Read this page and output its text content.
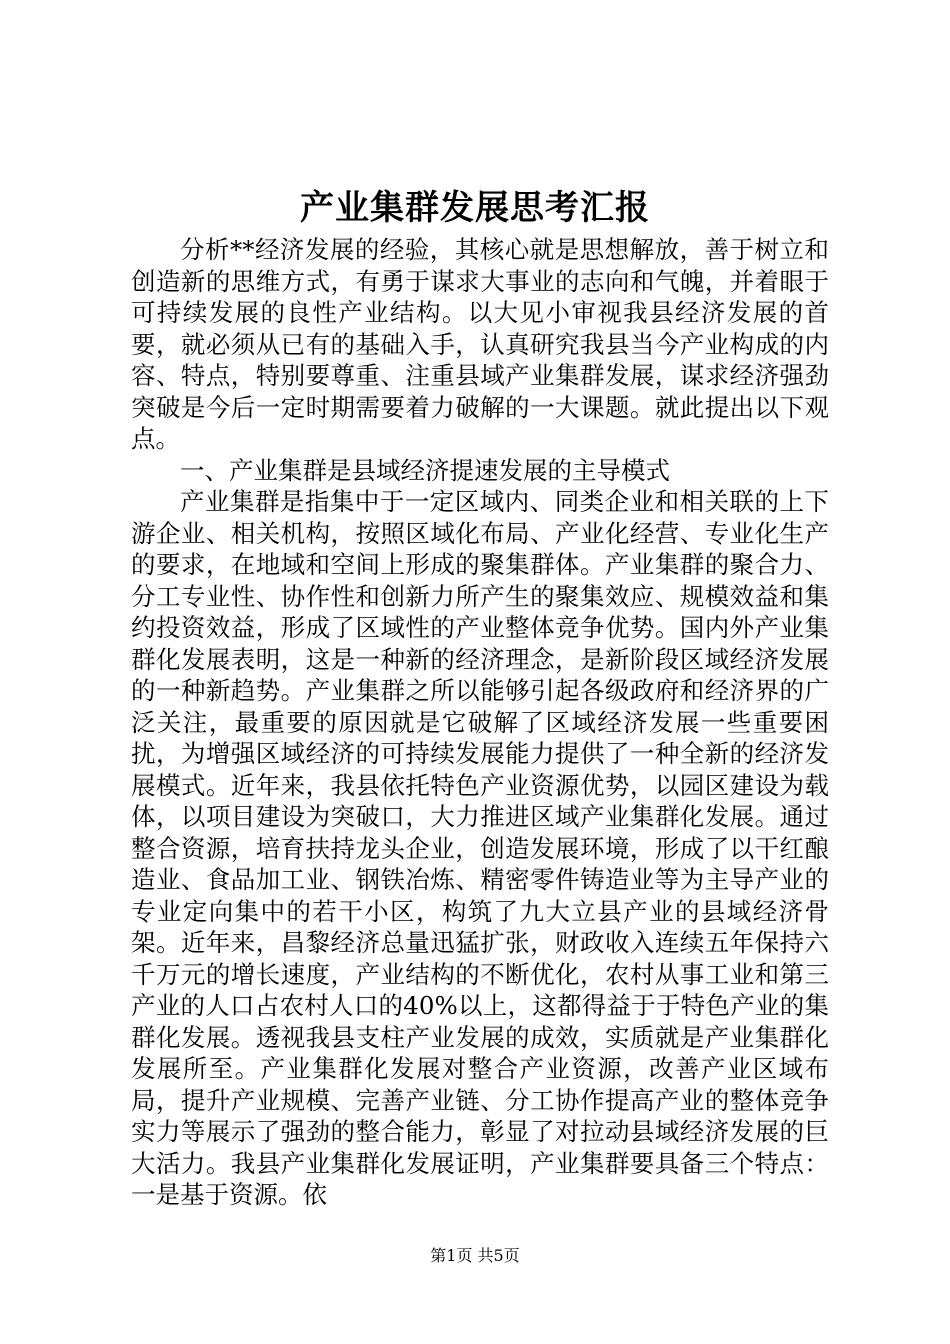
产业集群发展思考汇报

分析**经济发展的经验，其核心就是思想解放，善于树立和创造新的思维方式，有勇于谋求大事业的志向和气魄，并着眼于可持续发展的良性产业结构。以大见小审视我县经济发展的首要，就必须从已有的基础入手，认真研究我县当今产业构成的内容、特点，特别要尊重、注重县域产业集群发展，谋求经济强劲突破是今后一定时期需要着力破解的一大课题。就此提出以下观点。

一、产业集群是县域经济提速发展的主导模式

产业集群是指集中于一定区域内、同类企业和相关联的上下游企业、相关机构，按照区域化布局、产业化经营、专业化生产的要求，在地域和空间上形成的聚集群体。产业集群的聚合力、分工专业性、协作性和创新力所产生的聚集效应、规模效益和集约投资效益，形成了区域性的产业整体竞争优势。国内外产业集群化发展表明，这是一种新的经济理念，是新阶段区域经济发展的一种新趋势。产业集群之所以能够引起各级政府和经济界的广泛关注，最重要的原因就是它破解了区域经济发展一些重要困扰，为增强区域经济的可持续发展能力提供了一种全新的经济发展模式。近年来，我县依托特色产业资源优势，以园区建设为载体，以项目建设为突破口，大力推进区域产业集群化发展。通过整合资源，培育扶持龙头企业，创造发展环境，形成了以干红酿造业、食品加工业、钢铁冶炼、精密零件铸造业等为主导产业的专业定向集中的若干小区，构筑了九大立县产业的县域经济骨架。近年来，昌黎经济总量迅猛扩张，财政收入连续五年保持六千万元的增长速度，产业结构的不断优化，农村从事工业和第三产业的人口占农村人口的40%以上，这都得益于于特色产业的集群化发展。透视我县支柱产业发展的成效，实质就是产业集群化发展所至。产业集群化发展对整合产业资源，改善产业区域布局，提升产业规模、完善产业链、分工协作提高产业的整体竞争实力等展示了强劲的整合能力，彰显了对拉动县域经济发展的巨大活力。我县产业集群化发展证明，产业集群要具备三个特点：一是基于资源。依

第1页 共5页
